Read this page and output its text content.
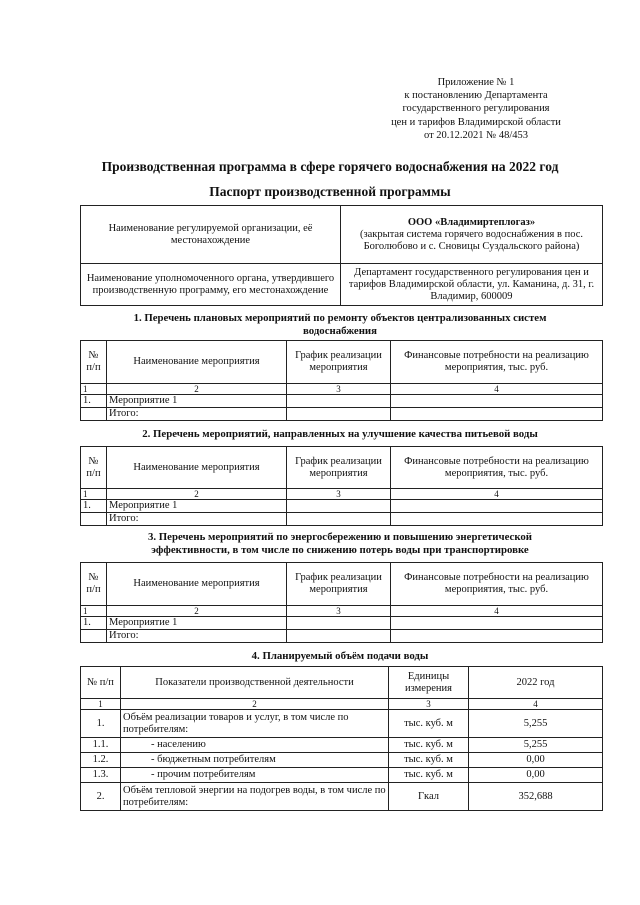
Приложение № 1
к постановлению Департамента
государственного регулирования
цен и тарифов Владимирской области
от 20.12.2021 № 48/453
Производственная программа в сфере горячего водоснабжения на 2022 год
Паспорт производственной программы
Наименование регулируемой организации, её местонахождение	ООО «Владимиртеплогаз»
(закрытая система горячего водоснабжения в пос. Боголюбово и с. Сновицы Суздальского района)

Наименование уполномоченного органа, утвердившего производственную программу, его местонахождение	Департамент государственного регулирования цен и тарифов Владимирской области, ул. Каманина, д. 31, г. Владимир, 600009
1. Перечень плановых мероприятий по ремонту объектов централизованных систем
водоснабжения
№ п/п	Наименование мероприятия	График реализации мероприятия	Финансовые потребности на реализацию мероприятия, тыс. руб.
1	2	3	4
1.	Мероприятие 1		
	Итого:		
2. Перечень мероприятий, направленных на улучшение качества питьевой воды
№ п/п	Наименование мероприятия	График реализации мероприятия	Финансовые потребности на реализацию мероприятия, тыс. руб.
1	2	3	4
1.	Мероприятие 1		
	Итого:		
3. Перечень мероприятий по энергосбережению и повышению энергетической
эффективности, в том числе по снижению потерь воды при транспортировке
№ п/п	Наименование мероприятия	График реализации мероприятия	Финансовые потребности на реализацию мероприятия, тыс. руб.
1	2	3	4
1.	Мероприятие 1		
	Итого:		
4. Планируемый объём подачи воды
№ п/п	Показатели производственной деятельности	Единицы измерения	2022 год
1	2	3	4
1.	Объём реализации товаров и услуг, в том числе по потребителям:	тыс. куб. м	5,255
1.1.	- населению	тыс. куб. м	5,255
1.2.	- бюджетным потребителям	тыс. куб. м	0,00
1.3.	- прочим потребителям	тыс. куб. м	0,00
2.	Объём тепловой энергии на подогрев воды, в том числе по потребителям:	Гкал	352,688
